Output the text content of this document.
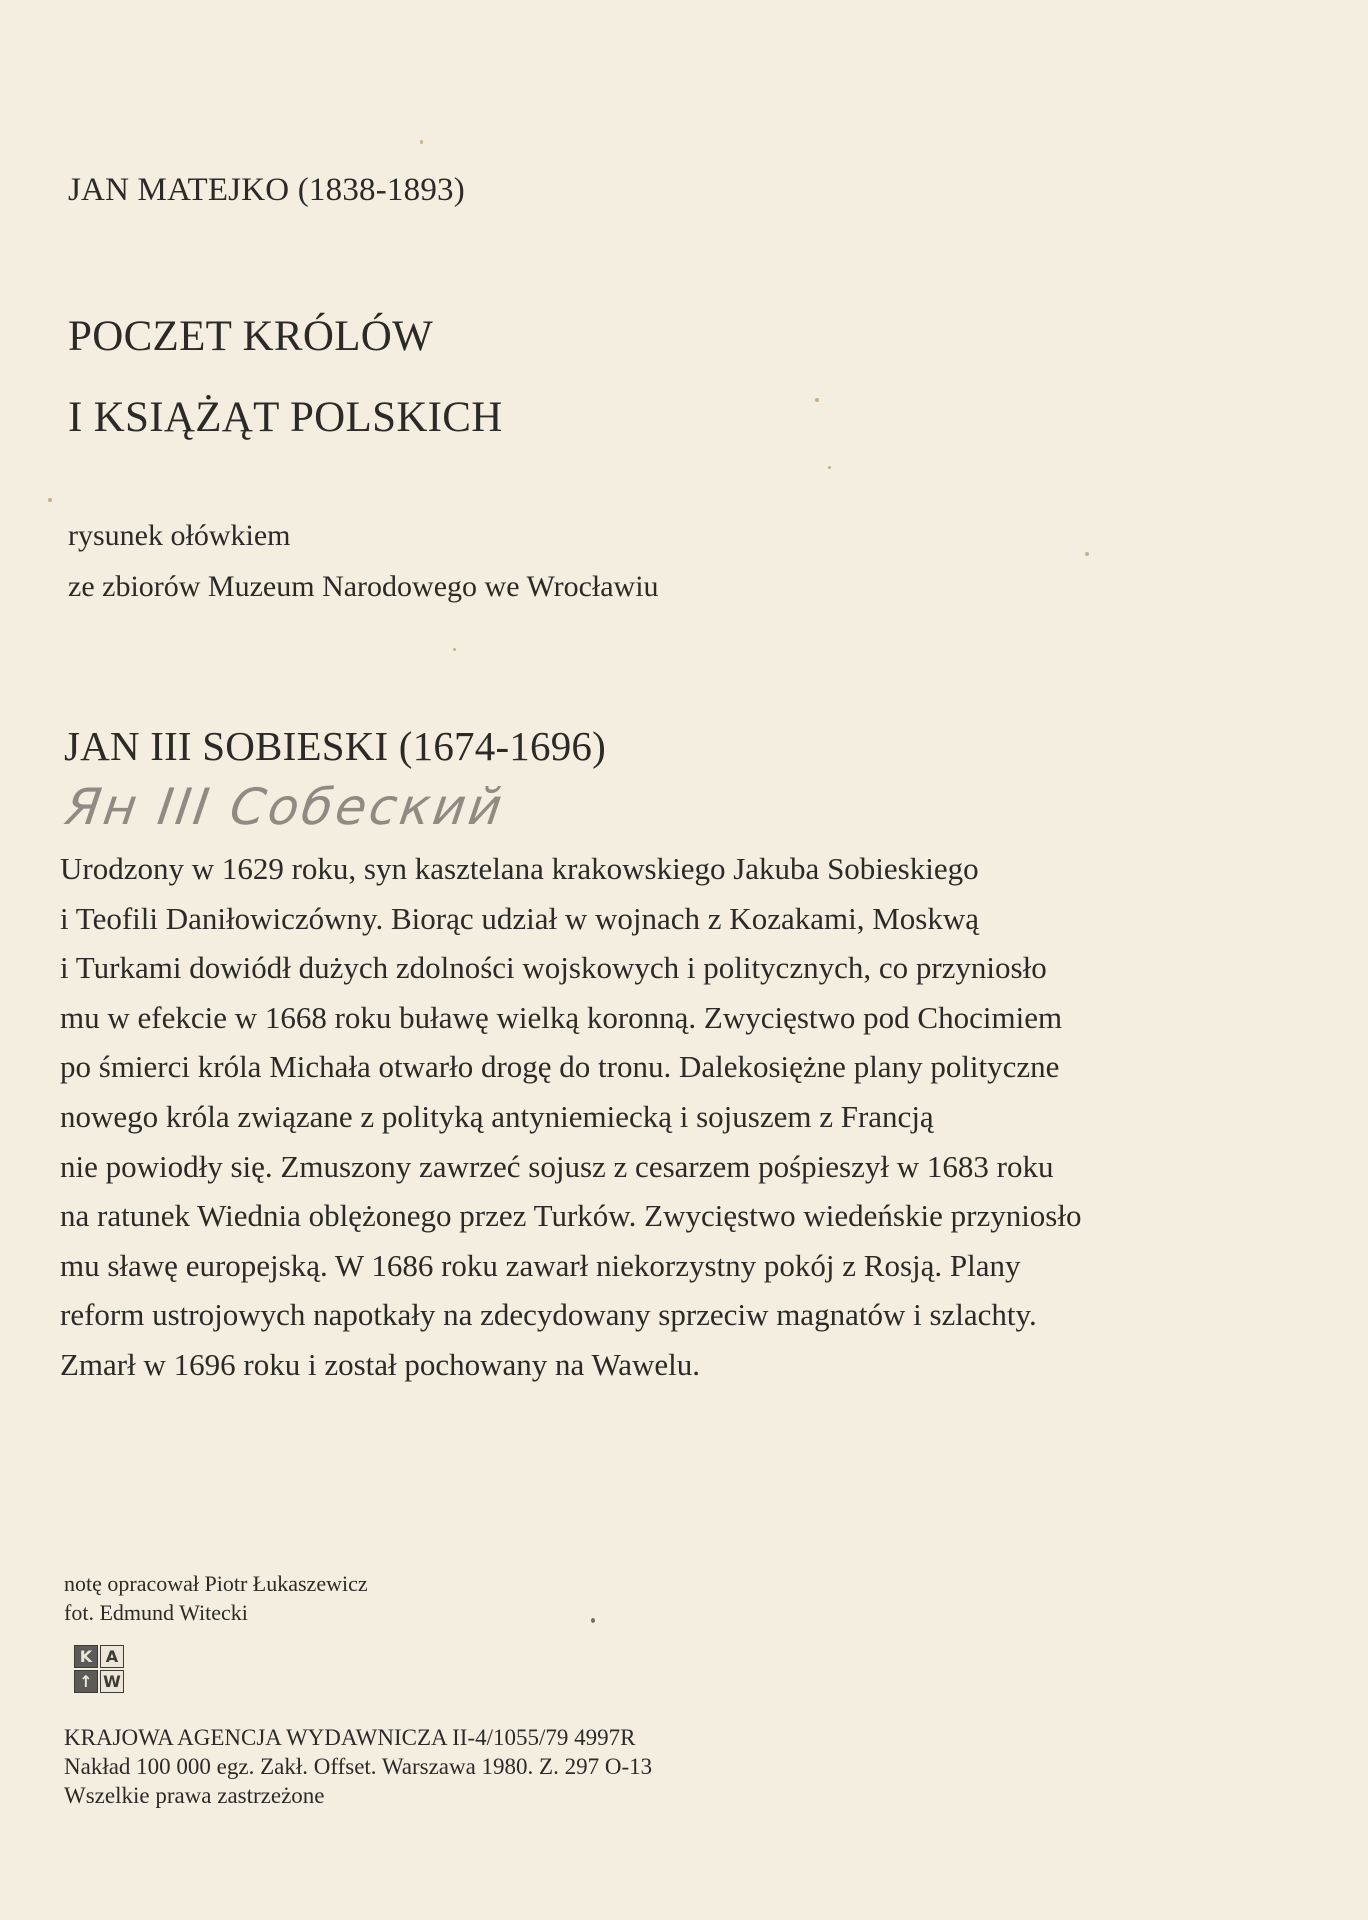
JAN MATEJKO (1838-1893)
POCZET KRÓLÓW
I KSIĄŻĄT POLSKICH
rysunek ołówkiem
ze zbiorów Muzeum Narodowego we Wrocławiu
JAN III SOBIESKI (1674-1696)
Ян III Собеский

Urodzony w 1629 roku, syn kasztelana krakowskiego Jakuba Sobieskiego

i Teofili Daniłowiczówny. Biorąc udział w wojnach z Kozakami, Moskwą

i Turkami dowiódł dużych zdolności wojskowych i politycznych, co przyniosło

mu w efekcie w 1668 roku buławę wielką koronną. Zwycięstwo pod Chocimiem

po śmierci króla Michała otwarło drogę do tronu. Dalekosiężne plany polityczne

nowego króla związane z polityką antyniemiecką i sojuszem z Francją

nie powiodły się. Zmuszony zawrzeć sojusz z cesarzem pośpieszył w 1683 roku

na ratunek Wiednia oblężonego przez Turków. Zwycięstwo wiedeńskie przyniosło

mu sławę europejską. W 1686 roku zawarł niekorzystny pokój z Rosją. Plany

reform ustrojowych napotkały na zdecydowany sprzeciw magnatów i szlachty.

Zmarł w 1696 roku i został pochowany na Wawelu.

notę opracował Piotr Łukaszewicz
fot. Edmund Witecki
K A
↑ W
KRAJOWA AGENCJA WYDAWNICZA II-4/1055/79 4997R
Nakład 100 000 egz. Zakł. Offset. Warszawa 1980. Z. 297 O-13
Wszelkie prawa zastrzeżone
